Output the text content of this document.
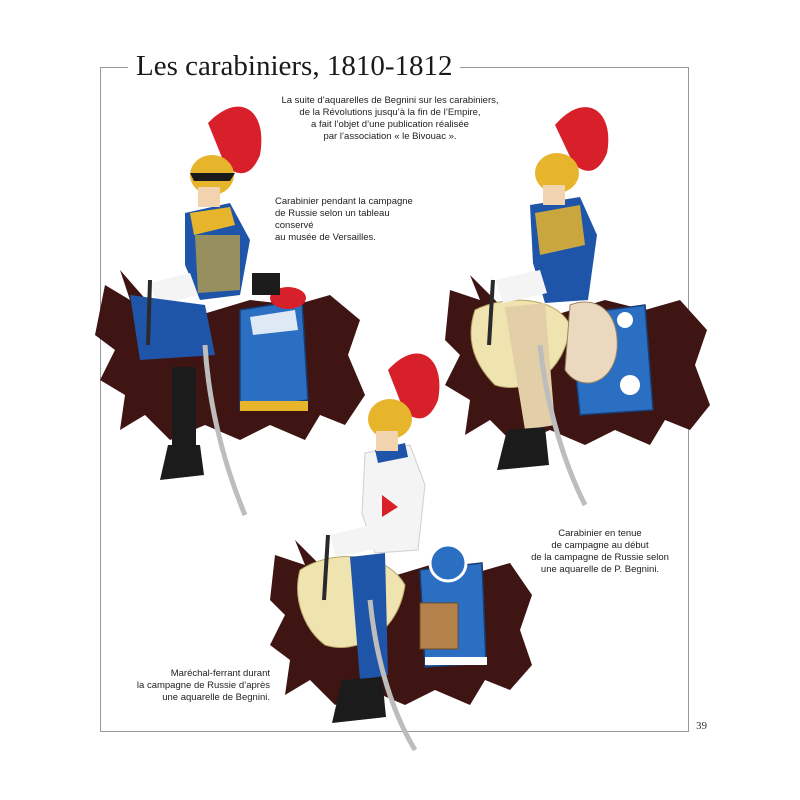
Les carabiniers, 1810-1812
La suite d’aquarelles de Begnini sur les carabiniers,
de la Révolutions jusqu’à la fin de l’Empire,
a fait l’objet d’une publication réalisée
par l’association « le Bivouac ».
Carabinier pendant la campagne
de Russie selon un tableau conservé
au musée de Versailles.
Carabinier en tenue
de campagne au début
de la campagne de Russie selon
une aquarelle de P. Begnini.
Maréchal-ferrant durant
la campagne de Russie d’après
une aquarelle de Begnini.
39
